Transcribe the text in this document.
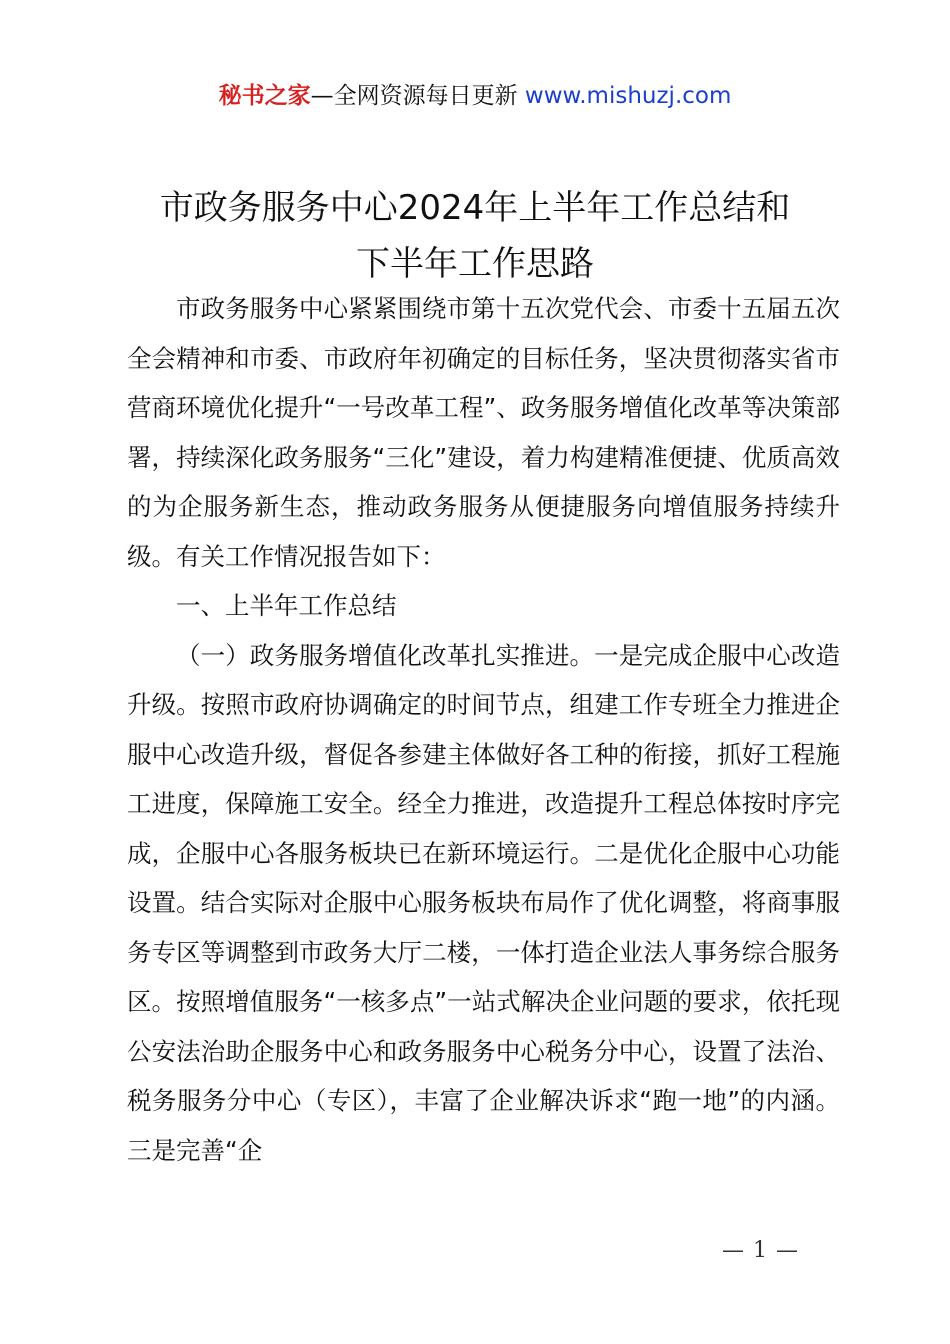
秘书之家—全网资源每日更新 www.mishuzj.com
市政务服务中心2024年上半年工作总结和
下半年工作思路

市政务服务中心紧紧围绕市第十五次党代会、市委十五届五次全会精神和市委、市政府年初确定的目标任务，坚决贯彻落实省市营商环境优化提升“一号改革工程”、政务服务增值化改革等决策部署，持续深化政务服务“三化”建设，着力构建精准便捷、优质高效的为企服务新生态，推动政务服务从便捷服务向增值服务持续升级。有关工作情况报告如下：

一、上半年工作总结

（一）政务服务增值化改革扎实推进。一是完成企服中心改造升级。按照市政府协调确定的时间节点，组建工作专班全力推进企服中心改造升级，督促各参建主体做好各工种的衔接，抓好工程施工进度，保障施工安全。经全力推进，改造提升工程总体按时序完成，企服中心各服务板块已在新环境运行。二是优化企服中心功能设置。结合实际对企服中心服务板块布局作了优化调整，将商事服务专区等调整到市政务大厅二楼，一体打造企业法人事务综合服务区。按照增值服务“一核多点”一站式解决企业问题的要求，依托现公安法治助企服务中心和政务服务中心税务分中心，设置了法治、税务服务分中心（专区），丰富了企业解决诉求“跑一地”的内涵。三是完善“企

— 1 —
